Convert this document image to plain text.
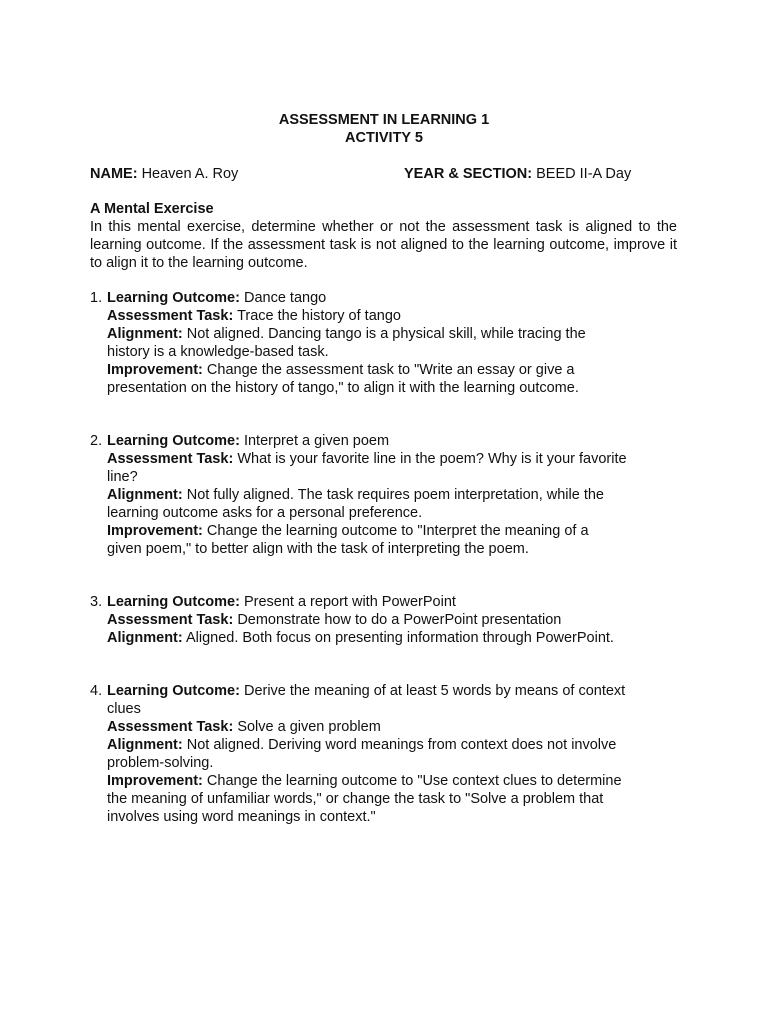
ASSESSMENT IN LEARNING 1
ACTIVITY 5
NAME: Heaven A. Roy	YEAR & SECTION: BEED II-A Day
A Mental Exercise
In this mental exercise, determine whether or not the assessment task is aligned to the learning outcome. If the assessment task is not aligned to the learning outcome, improve it to align it to the learning outcome.
1. Learning Outcome: Dance tango
Assessment Task: Trace the history of tango
Alignment: Not aligned. Dancing tango is a physical skill, while tracing the
history is a knowledge-based task.
Improvement: Change the assessment task to "Write an essay or give a
presentation on the history of tango," to align it with the learning outcome.
2. Learning Outcome: Interpret a given poem
Assessment Task: What is your favorite line in the poem? Why is it your favorite
line?
Alignment: Not fully aligned. The task requires poem interpretation, while the
learning outcome asks for a personal preference.
Improvement: Change the learning outcome to "Interpret the meaning of a
given poem," to better align with the task of interpreting the poem.
3. Learning Outcome: Present a report with PowerPoint
Assessment Task: Demonstrate how to do a PowerPoint presentation
Alignment: Aligned. Both focus on presenting information through PowerPoint.
4. Learning Outcome: Derive the meaning of at least 5 words by means of context
clues
Assessment Task: Solve a given problem
Alignment: Not aligned. Deriving word meanings from context does not involve
problem-solving.
Improvement: Change the learning outcome to "Use context clues to determine
the meaning of unfamiliar words," or change the task to "Solve a problem that
involves using word meanings in context."
